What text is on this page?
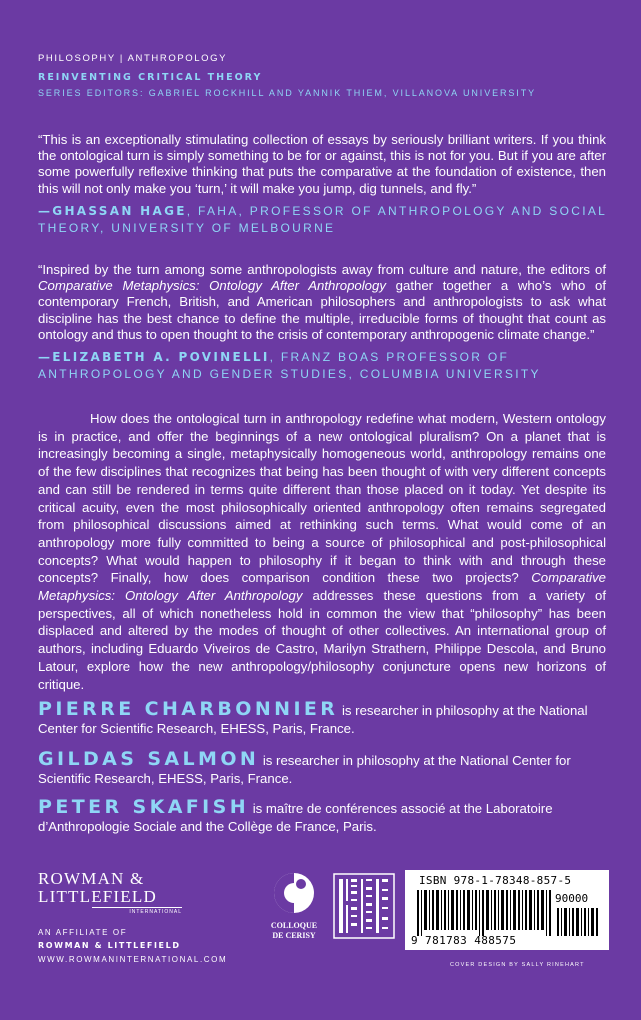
PHILOSOPHY | ANTHROPOLOGY
REINVENTING CRITICAL THEORY
SERIES EDITORS: GABRIEL ROCKHILL AND YANNIK THIEM, VILLANOVA UNIVERSITY
“This is an exceptionally stimulating collection of essays by seriously brilliant writers. If you think the ontological turn is simply something to be for or against, this is not for you. But if you are after some powerfully reflexive thinking that puts the comparative at the foundation of existence, then this will not only make you ‘turn,’ it will make you jump, dig tunnels, and fly.”
—GHASSAN HAGE, FAHA, PROFESSOR OF ANTHROPOLOGY AND SOCIAL THEORY, UNIVERSITY OF MELBOURNE
“Inspired by the turn among some anthropologists away from culture and nature, the editors of Comparative Metaphysics: Ontology After Anthropology gather together a who’s who of contemporary French, British, and American philosophers and anthropologists to ask what discipline has the best chance to define the multiple, irreducible forms of thought that count as ontology and thus to open thought to the crisis of contemporary anthropogenic climate change.”
—ELIZABETH A. POVINELLI, FRANZ BOAS PROFESSOR OF ANTHROPOLOGY AND GENDER STUDIES, COLUMBIA UNIVERSITY
How does the ontological turn in anthropology redefine what modern, Western ontology is in practice, and offer the beginnings of a new ontological pluralism? On a planet that is increasingly becoming a single, metaphysically homogeneous world, anthropology remains one of the few disciplines that recognizes that being has been thought of with very different concepts and can still be rendered in terms quite different than those placed on it today. Yet despite its critical acuity, even the most philosophically oriented anthropology often remains segregated from philosophical discussions aimed at rethinking such terms. What would come of an anthropology more fully committed to being a source of philosophical and post-philosophical concepts? What would happen to philosophy if it began to think with and through these concepts? Finally, how does comparison condition these two projects? Comparative Metaphysics: Ontology After Anthropology addresses these questions from a variety of perspectives, all of which nonetheless hold in common the view that “philosophy” has been displaced and altered by the modes of thought of other collectives. An international group of authors, including Eduardo Viveiros de Castro, Marilyn Strathern, Philippe Descola, and Bruno Latour, explore how the new anthropology/philosophy conjuncture opens new horizons of critique.
PIERRE CHARBONNIER is researcher in philosophy at the National Center for Scientific Research, EHESS, Paris, France.
GILDAS SALMON is researcher in philosophy at the National Center for Scientific Research, EHESS, Paris, France.
PETER SKAFISH is maître de conférences associé at the Laboratoire d’Anthropologie Sociale and the Collège de France, Paris.
ROWMAN &
LITTLEFIELD
INTERNATIONAL
AN AFFILIATE OF
ROWMAN & LITTLEFIELD
WWW.ROWMANINTERNATIONAL.COM
COLLOQUE
DE CERISY
ISBN 978-1-78348-857-5
90000
9 781783 488575
COVER DESIGN BY SALLY RINEHART
